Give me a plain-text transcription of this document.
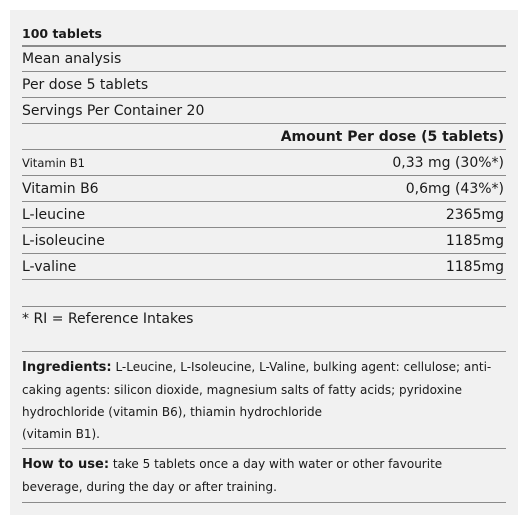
100 tablets
Mean analysis
Per dose 5 tablets
Servings Per Container 20
Amount Per dose (5 tablets)
Vitamin B1	0,33 mg (30%*)
Vitamin B6	0,6mg (43%*)
L-leucine	2365mg
L-isoleucine	1185mg
L-valine	1185mg
* RI = Reference Intakes
Ingredients: L-Leucine, L-Isoleucine, L-Valine, bulking agent: cellulose; anti-caking agents: silicon dioxide, magnesium salts of fatty acids; pyridoxine hydrochloride (vitamin B6), thiamin hydrochloride
(vitamin B1).
How to use: take 5 tablets once a day with water or other favourite beverage, during the day or after training.
